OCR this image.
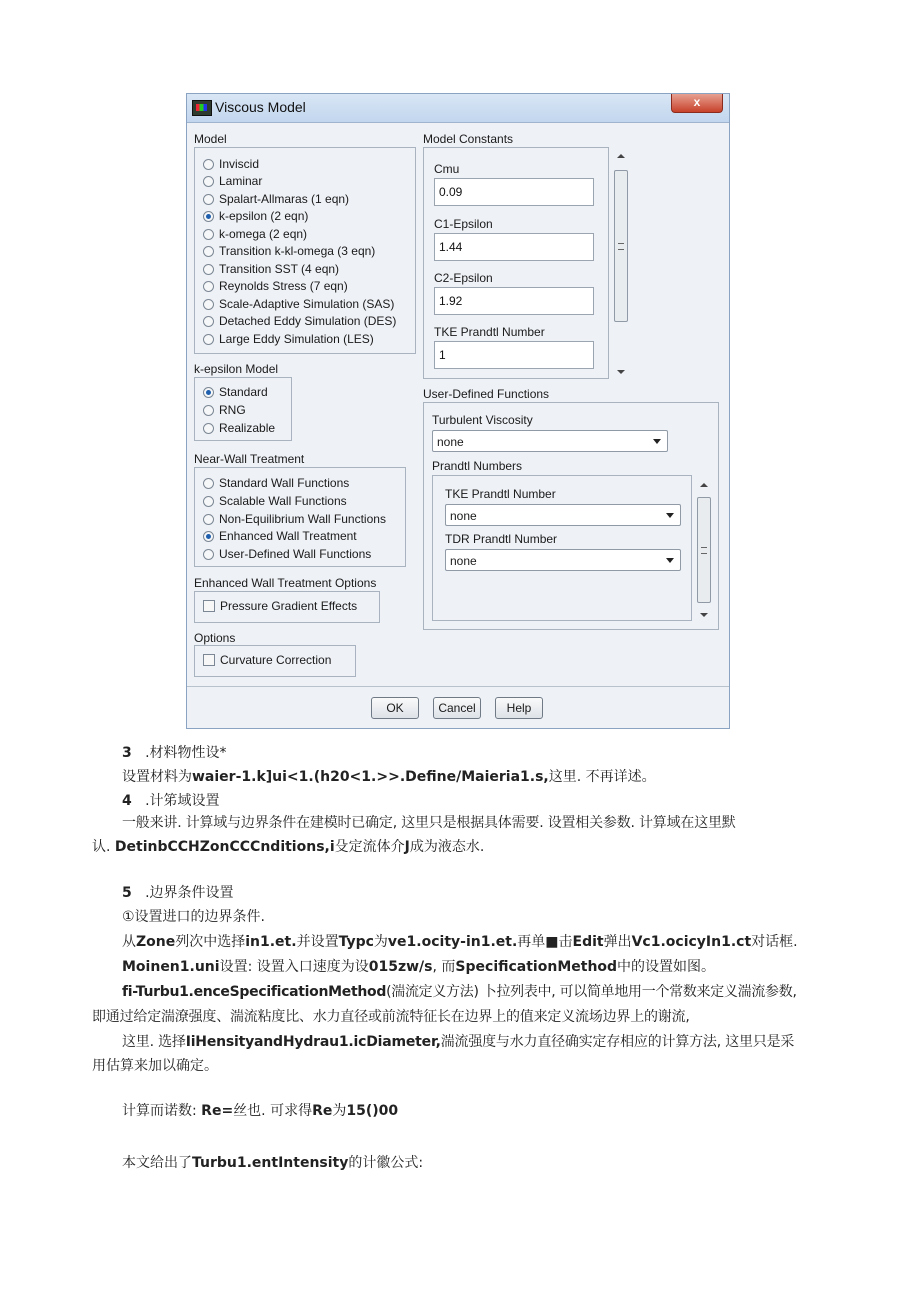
Viscous Model	x
Model
Inviscid
Laminar
Spalart-Allmaras (1 eqn)
k-epsilon (2 eqn)
k-omega (2 eqn)
Transition k-kl-omega (3 eqn)
Transition SST (4 eqn)
Reynolds Stress (7 eqn)
Scale-Adaptive Simulation (SAS)
Detached Eddy Simulation (DES)
Large Eddy Simulation (LES)
k-epsilon Model
Standard
RNG
Realizable
Near-Wall Treatment
Standard Wall Functions
Scalable Wall Functions
Non-Equilibrium Wall Functions
Enhanced Wall Treatment
User-Defined Wall Functions
Enhanced Wall Treatment Options
Pressure Gradient Effects
Options
Curvature Correction
Model Constants
Cmu
0.09
C1-Epsilon
1.44
C2-Epsilon
1.92
TKE Prandtl Number
1
User-Defined Functions
Turbulent Viscosity
none
Prandtl Numbers
TKE Prandtl Number
none
TDR Prandtl Number
none
OK	Cancel	Help
3 .材料物性设*
设置材料为waier-1.k]ui<1.(h20<1.>>.Define/Maieria1.s,这里. 不再详述。
4 .计笫域设置
一般来讲. 计算域与边界条件在建模时已确定, 这里只是根据具体需要. 设置相关参数. 计算域在这里默
认. DetinbCCHZonCCCnditions,i殳定流体介J成为液态水.
5 .边界条件设置
①设置进口的边界条件.
从Zone列次中选择in1.et.并设置Typc为ve1.ocity-in1.et.再单■击Edit弹出Vc1.ocicyIn1.ct对话框.
Moinen1.uni设置: 设置入口速度为设015zw/s, 而SpecificationMethod中的设置如图。
fi-Turbu1.enceSpecificationMethod(湍流定义方法) 卜拉列表中, 可以简单地用一个常数来定义湍流参数,
即通过给定湍潦强度、湍流粘度比、水力直径或前流特征长在边界上的值来定义流场边界上的谢流,
这里. 选择IiHensityandHydrau1.icDiameter,湍流强度与水力直径确实定存相应的计算方法, 这里只是采
用估算来加以确定。
计算而诺数: Re=丝也. 可求得Re为15()00
本文给出了Turbu1.entIntensity的计徽公式:
